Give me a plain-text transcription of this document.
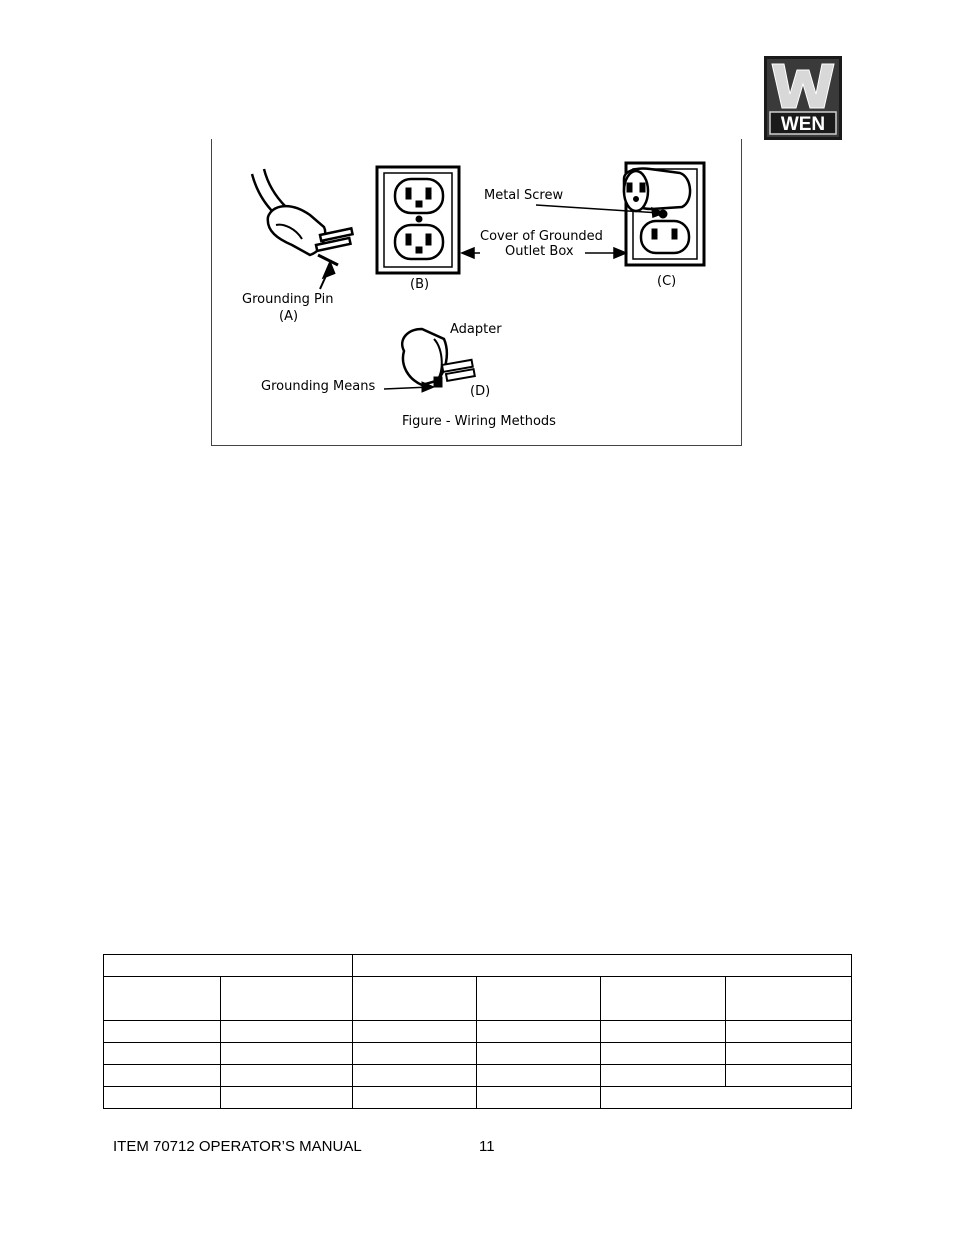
WEN
Grounding Pin
(A)
(B)	(C)
Metal Screw
Cover of Grounded
Outlet Box
Adapter
Grounding Means	(D)
Figure - Wiring Methods

ITEM 70712 OPERATOR’S MANUAL	11
